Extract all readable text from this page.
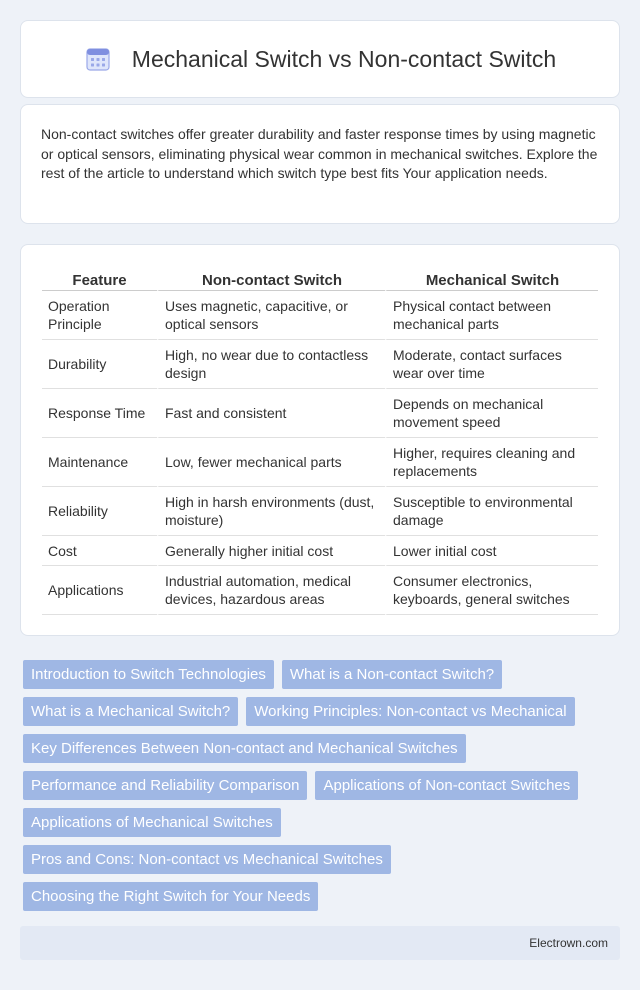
Mechanical Switch vs Non-contact Switch

Non-contact switches offer greater durability and faster response times by using magnetic or optical sensors, eliminating physical wear common in mechanical switches. Explore the rest of the article to understand which switch type best fits Your application needs.

Feature	Non-contact Switch	Mechanical Switch
Operation Principle	Uses magnetic, capacitive, or optical sensors	Physical contact between mechanical parts
Durability	High, no wear due to contactless design	Moderate, contact surfaces wear over time
Response Time	Fast and consistent	Depends on mechanical movement speed
Maintenance	Low, fewer mechanical parts	Higher, requires cleaning and replacements
Reliability	High in harsh environments (dust, moisture)	Susceptible to environmental damage
Cost	Generally higher initial cost	Lower initial cost
Applications	Industrial automation, medical devices, hazardous areas	Consumer electronics, keyboards, general switches
Introduction to Switch Technologies	What is a Non-contact Switch?
What is a Mechanical Switch?	Working Principles: Non-contact vs Mechanical
Key Differences Between Non-contact and Mechanical Switches
Performance and Reliability Comparison	Applications of Non-contact Switches
Applications of Mechanical Switches
Pros and Cons: Non-contact vs Mechanical Switches
Choosing the Right Switch for Your Needs
Electrown.com
